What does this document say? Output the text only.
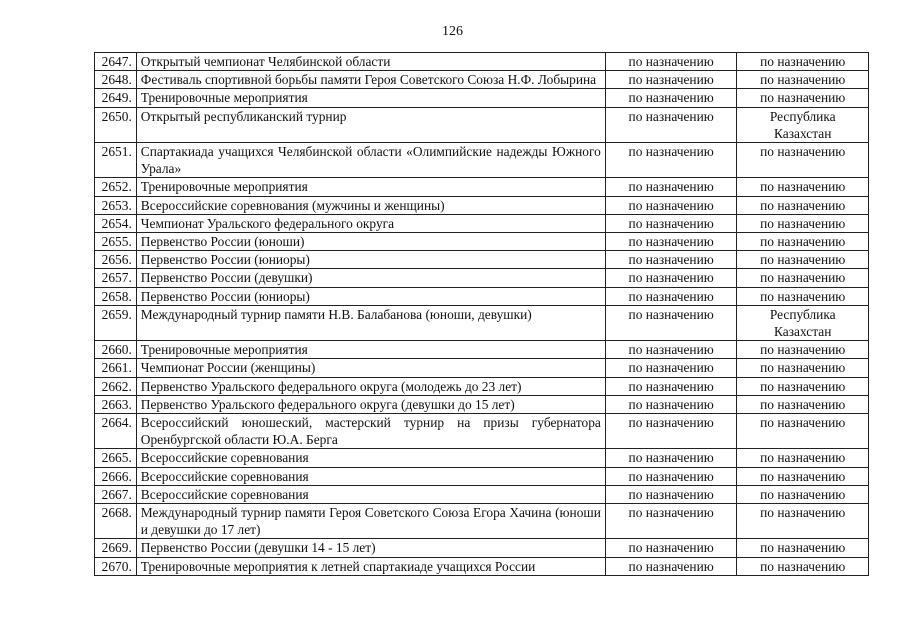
126
2647.	Открытый чемпионат Челябинской области	по назначению	по назначению
2648.	Фестиваль спортивной борьбы памяти Героя Советского Союза Н.Ф. Лобырина	по назначению	по назначению
2649.	Тренировочные мероприятия	по назначению	по назначению
2650.	Открытый республиканский турнир	по назначению	Республика Казахстан
2651.	Спартакиада учащихся Челябинской области «Олимпийские надежды Южного Урала»	по назначению	по назначению
2652.	Тренировочные мероприятия	по назначению	по назначению
2653.	Всероссийские соревнования (мужчины и женщины)	по назначению	по назначению
2654.	Чемпионат Уральского федерального округа	по назначению	по назначению
2655.	Первенство России (юноши)	по назначению	по назначению
2656.	Первенство России (юниоры)	по назначению	по назначению
2657.	Первенство России (девушки)	по назначению	по назначению
2658.	Первенство России (юниоры)	по назначению	по назначению
2659.	Международный турнир памяти Н.В. Балабанова (юноши, девушки)	по назначению	Республика Казахстан
2660.	Тренировочные мероприятия	по назначению	по назначению
2661.	Чемпионат России (женщины)	по назначению	по назначению
2662.	Первенство Уральского федерального округа (молодежь до 23 лет)	по назначению	по назначению
2663.	Первенство Уральского федерального округа (девушки до 15 лет)	по назначению	по назначению
2664.	Всероссийский юношеский, мастерский турнир на призы губернатора Оренбургской области Ю.А. Берга	по назначению	по назначению
2665.	Всероссийские соревнования	по назначению	по назначению
2666.	Всероссийские соревнования	по назначению	по назначению
2667.	Всероссийские соревнования	по назначению	по назначению
2668.	Международный турнир памяти Героя Советского Союза Егора Хачина (юноши и девушки до 17 лет)	по назначению	по назначению
2669.	Первенство России (девушки 14 - 15 лет)	по назначению	по назначению
2670.	Тренировочные мероприятия к летней спартакиаде учащихся России	по назначению	по назначению
